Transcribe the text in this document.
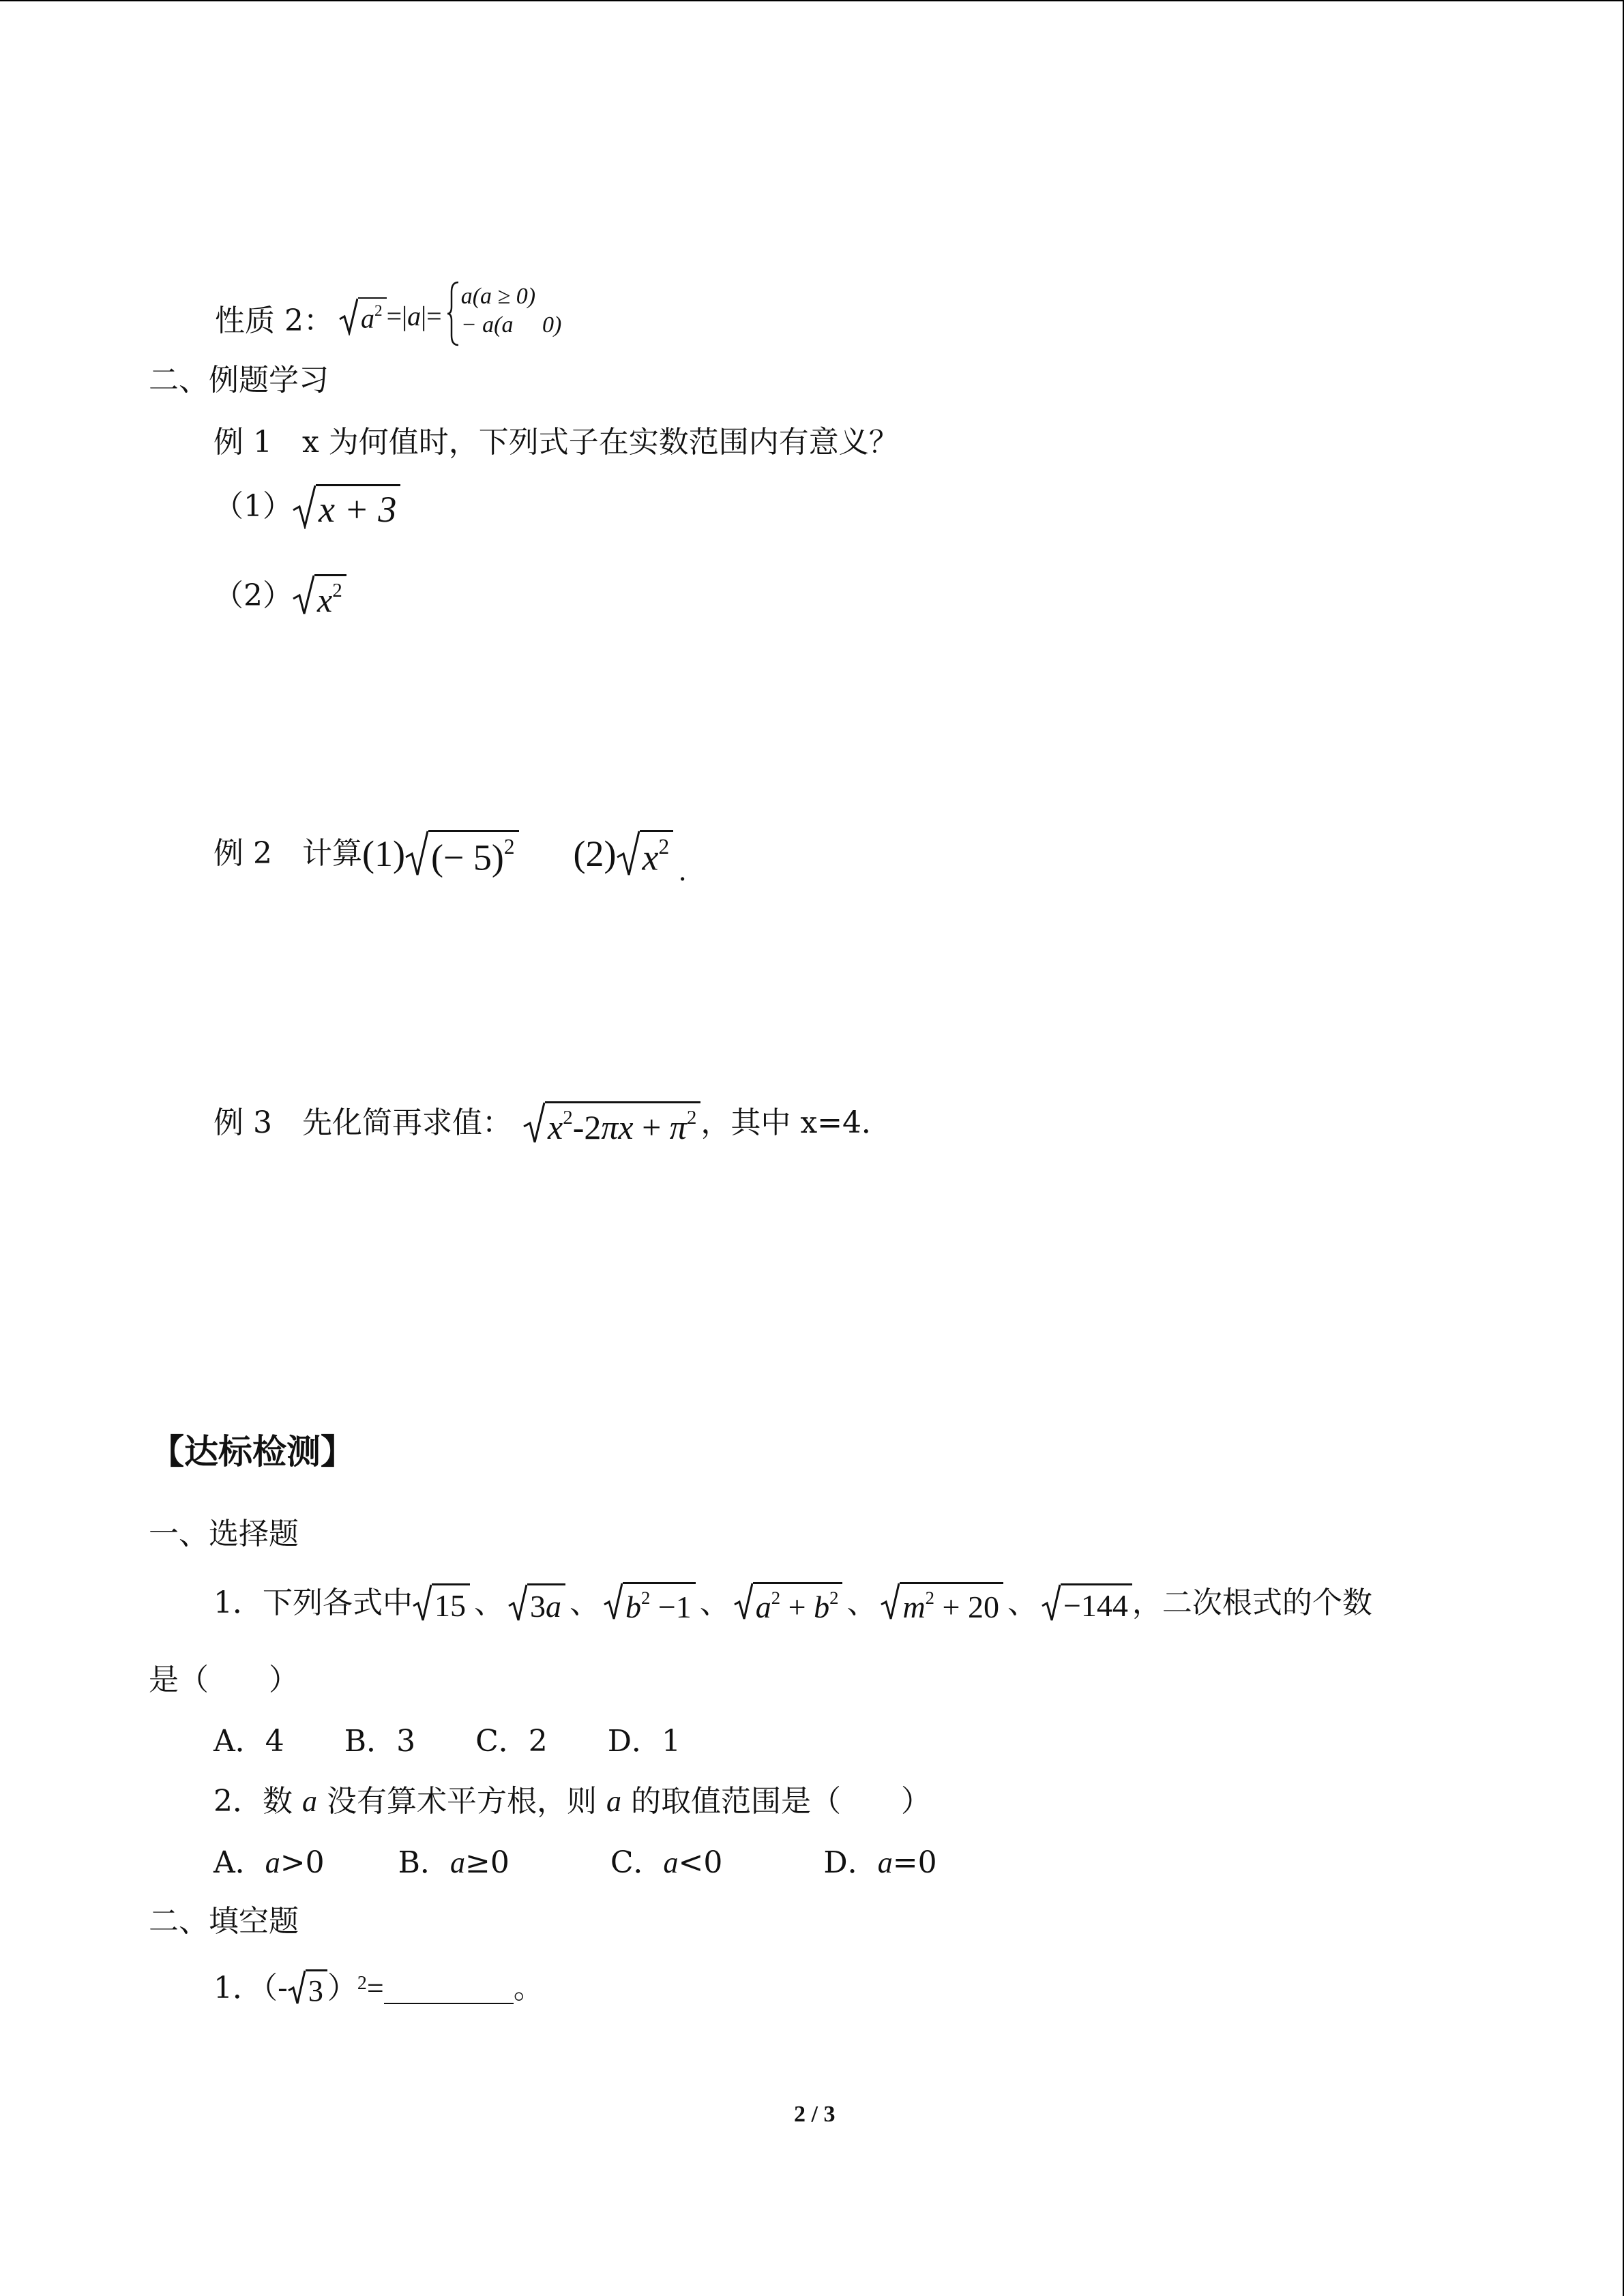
性质 2： $a^2$ =| a |=
a(a ≥ 0)
− a(a　 0)
二、例题学习
例 1　x 为何值时，下列式子在实数范围内有意义？
（1） x + 3
（2） $x^2$
例 2　计算 (1) (− 5)$^2$ (2) $x^2$
.
例 3　先化简再求值： $x^2-2\pi x + \pi^2$ ，其中 x=4．
【达标检测】
一、选择题
1．下列各式中 15 、 3a 、 $b^2 -1$ 、 $a^2 + b^2$ 、 $m^2 + 20$ 、 −144 ，二次根式的个数
是（　　）
A．4　　B．3　　C．2　　D．1
2．数 a 没有算术平方根，则 a 的取值范围是（　　）
A．a>0 B．a≥0	C．a<0	D．a=0
二、填空题
1．（- 3 ） 2 =	。
2 / 3
